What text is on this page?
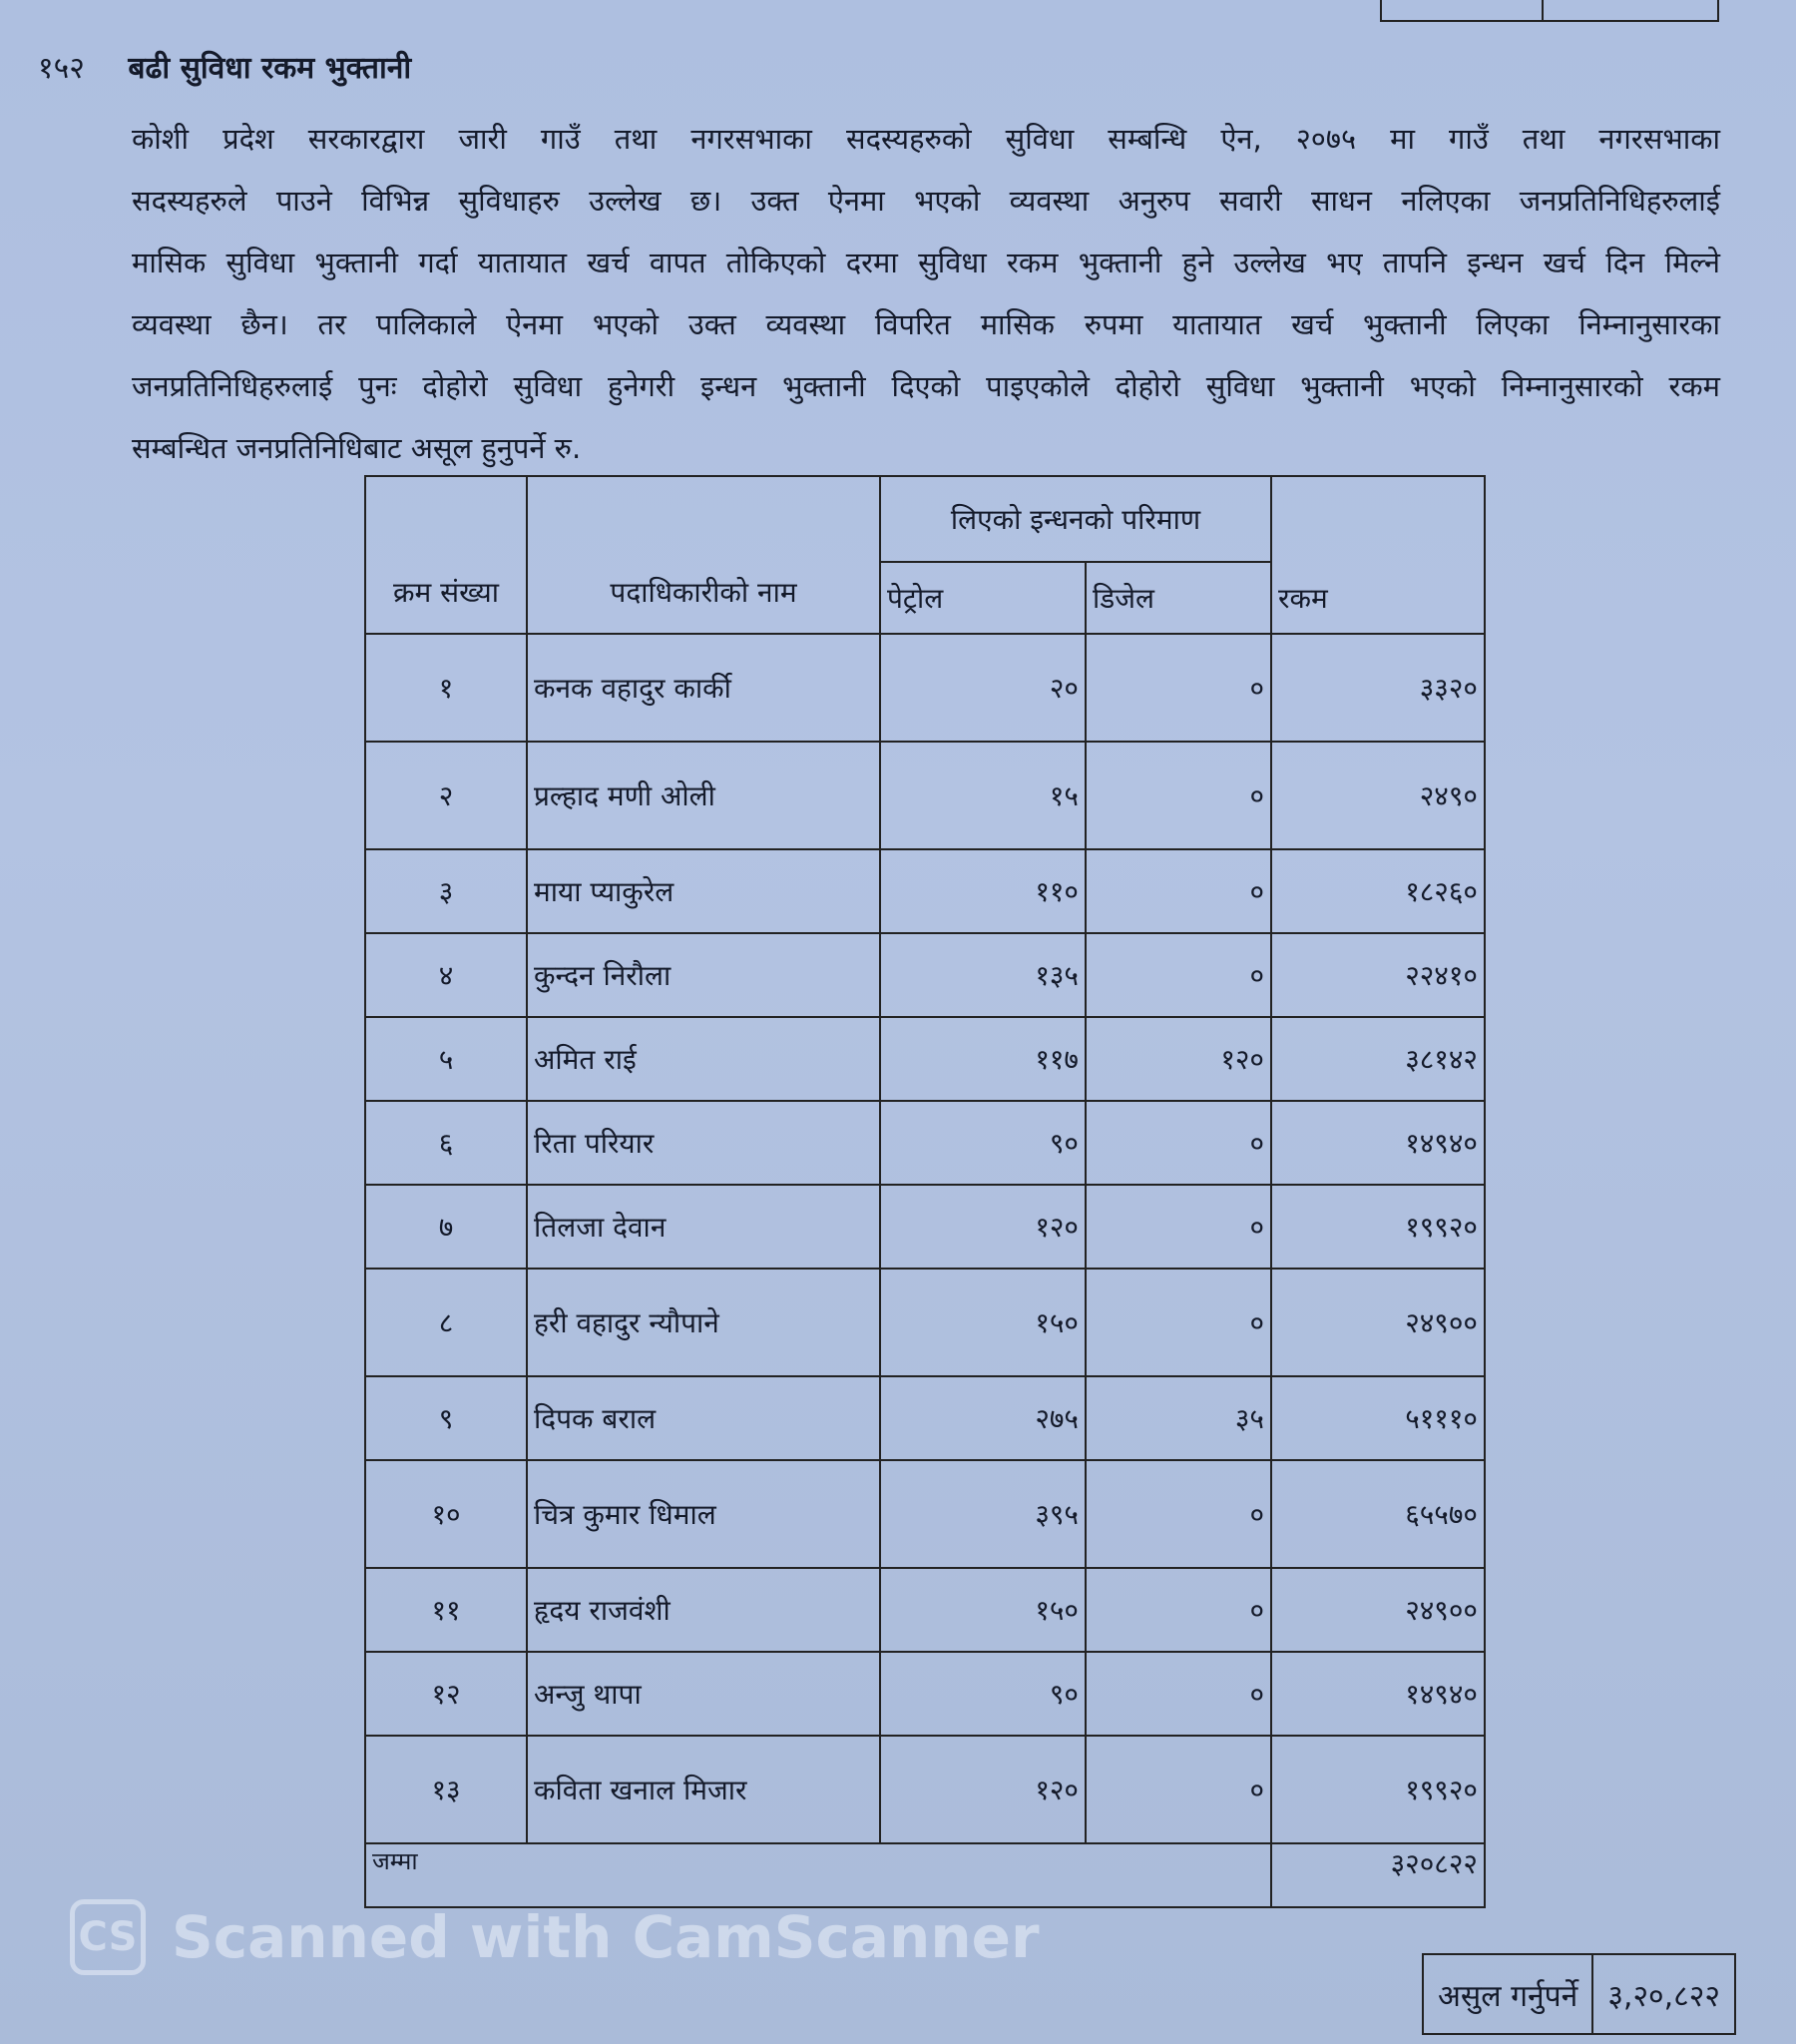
१५२ बढी सुविधा रकम भुक्तानी
कोशी प्रदेश सरकारद्वारा जारी गाउँ तथा नगरसभाका सदस्यहरुको सुविधा सम्बन्धि ऐन, २०७५ मा गाउँ तथा नगरसभाका
सदस्यहरुले पाउने विभिन्न सुविधाहरु उल्लेख छ। उक्त ऐनमा भएको व्यवस्था अनुरुप सवारी साधन नलिएका जनप्रतिनिधिहरुलाई
मासिक सुविधा भुक्तानी गर्दा यातायात खर्च वापत तोकिएको दरमा सुविधा रकम भुक्तानी हुने उल्लेख भए तापनि इन्धन खर्च दिन मिल्ने
व्यवस्था छैन। तर पालिकाले ऐनमा भएको उक्त व्यवस्था विपरित मासिक रुपमा यातायात खर्च भुक्तानी लिएका निम्नानुसारका
जनप्रतिनिधिहरुलाई पुनः दोहोरो सुविधा हुनेगरी इन्धन भुक्तानी दिएको पाइएकोले दोहोरो सुविधा भुक्तानी भएको निम्नानुसारको रकम
सम्बन्धित जनप्रतिनिधिबाट असूल हुनुपर्ने रु.
क्रम संख्या	पदाधिकारीको नाम	लिएको इन्धनको परिमाण		
		पेट्रोल	डिजेल	रकम
१	कनक वहादुर कार्की	२०	०	३३२०
२	प्रल्हाद मणी ओली	१५	०	२४९०
३	माया प्याकुरेल	११०	०	१८२६०
४	कुन्दन निरौला	१३५	०	२२४१०
५	अमित राई	११७	१२०	३८१४२
६	रिता परियार	९०	०	१४९४०
७	तिलजा देवान	१२०	०	१९९२०
८	हरी वहादुर न्यौपाने	१५०	०	२४९००
९	दिपक बराल	२७५	३५	५१११०
१०	चित्र कुमार धिमाल	३९५	०	६५५७०
११	हृदय राजवंशी	१५०	०	२४९००
१२	अन्जु थापा	९०	०	१४९४०
१३	कविता खनाल मिजार	१२०	०	१९९२०
जम्मा				३२०८२२
असुल गर्नुपर्ने	३,२०,८२२
CS Scanned with CamScanner
